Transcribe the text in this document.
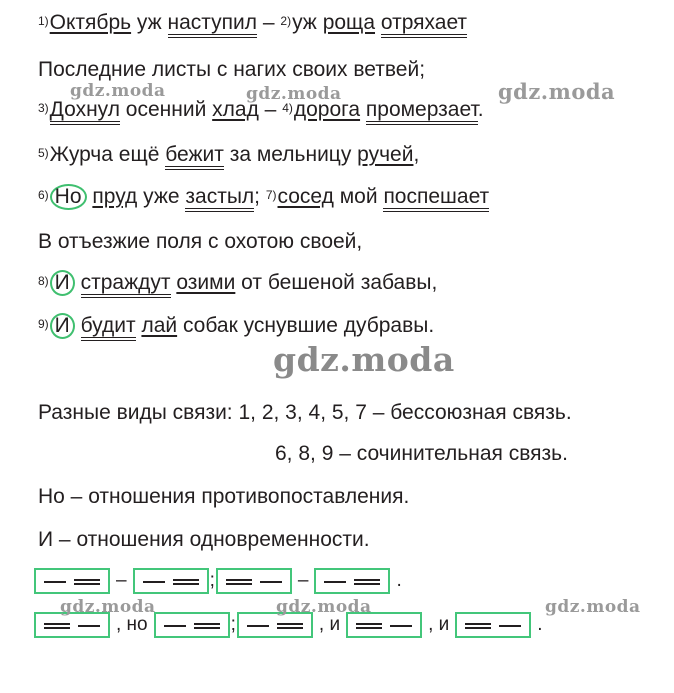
$^{1)}$Октябрь уж наступил – $^{2)}$уж роща отряхает
Последние листы с нагих своих ветвей;
$^{3)}$Дохнул осенний хлад – $^{4)}$дорога промерзает.
$^{5)}$Журча ещё бежит за мельницу ручей,
$^{6)}$ Но пруд уже застыл; $^{7)}$сосед мой поспешает
В отъезжие поля с охотою своей,
$^{8)}$ И страждут озими от бешеной забавы,
$^{9)}$ И будит лай собак уснувшие дубравы.
Разные виды связи: 1, 2, 3, 4, 5, 7 – бессоюзная связь.
6, 8, 9 – сочинительная связь.
Но – отношения противопоставления.
И – отношения одновременности.
–	;	–	.
, но	;	, и	, и	.
gdz.moda	gdz.moda	gdz.moda
gdz.moda
gdz.moda	gdz.moda	gdz.moda
